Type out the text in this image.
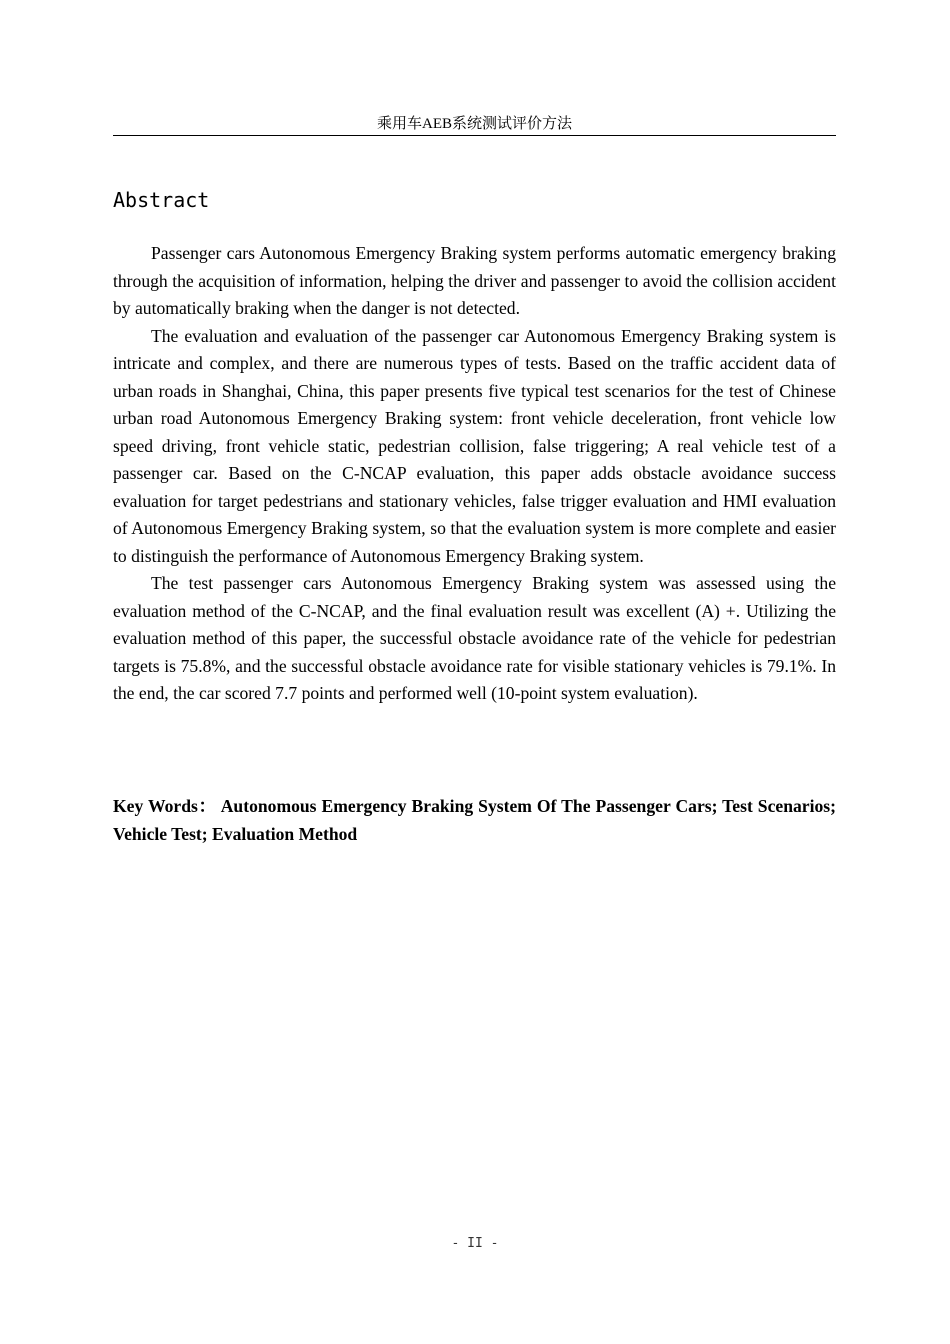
乘用车AEB系统测试评价方法
Abstract

Passenger cars Autonomous Emergency Braking system performs automatic emergency braking through the acquisition of information, helping the driver and passenger to avoid the collision accident by automatically braking when the danger is not detected.

The evaluation and evaluation of the passenger car Autonomous Emergency Braking system is intricate and complex, and there are numerous types of tests. Based on the traffic accident data of urban roads in Shanghai, China, this paper presents five typical test scenarios for the test of Chinese urban road Autonomous Emergency Braking system: front vehicle deceleration, front vehicle low speed driving, front vehicle static, pedestrian collision, false triggering; A real vehicle test of a passenger car. Based on the C-NCAP evaluation, this paper adds obstacle avoidance success evaluation for target pedestrians and stationary vehicles, false trigger evaluation and HMI evaluation of Autonomous Emergency Braking system, so that the evaluation system is more complete and easier to distinguish the performance of Autonomous Emergency Braking system.

The test passenger cars Autonomous Emergency Braking system was assessed using the evaluation method of the C-NCAP, and the final evaluation result was excellent (A) +. Utilizing the evaluation method of this paper, the successful obstacle avoidance rate of the vehicle for pedestrian targets is 75.8%, and the successful obstacle avoidance rate for visible stationary vehicles is 79.1%. In the end, the car scored 7.7 points and performed well (10-point system evaluation).

Key Words： Autonomous Emergency Braking System Of The Passenger Cars; Test Scenarios; Vehicle Test; Evaluation Method

- II -
